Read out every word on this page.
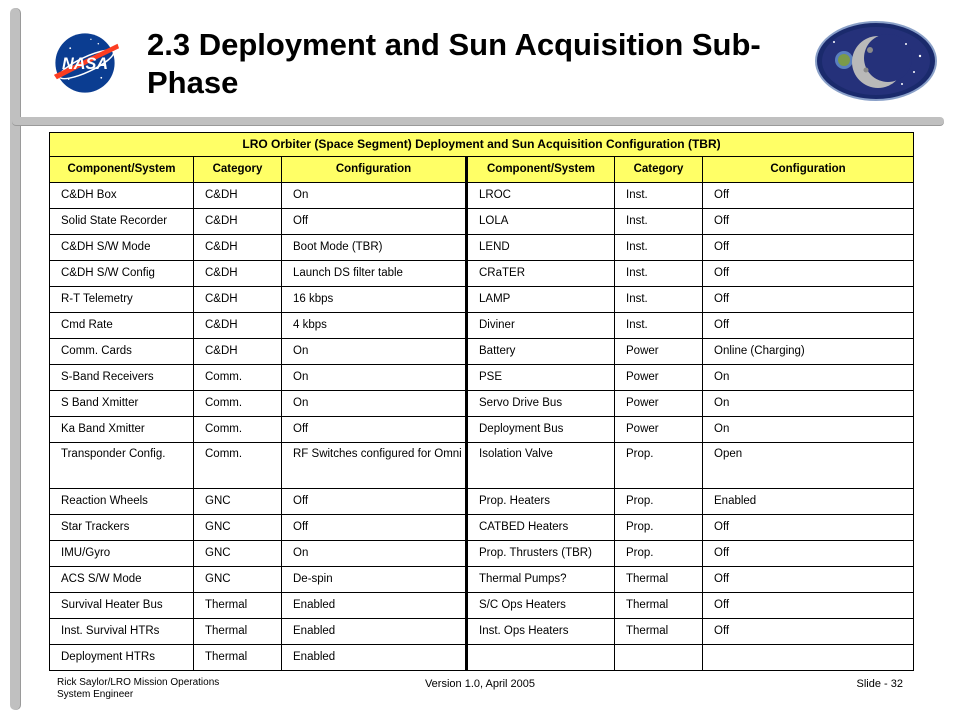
NASA
2.3 Deployment and Sun Acquisition Sub-Phase
LRO Orbiter (Space Segment) Deployment and Sun Acquisition Configuration (TBR)					
Component/System	Category	Configuration	Component/System	Category	Configuration
C&DH Box	C&DH	On	LROC	Inst.	Off
Solid State Recorder	C&DH	Off	LOLA	Inst.	Off
C&DH S/W Mode	C&DH	Boot Mode (TBR)	LEND	Inst.	Off
C&DH S/W Config	C&DH	Launch DS filter table	CRaTER	Inst.	Off
R-T Telemetry	C&DH	16 kbps	LAMP	Inst.	Off
Cmd Rate	C&DH	4 kbps	Diviner	Inst.	Off
Comm. Cards	C&DH	On	Battery	Power	Online (Charging)
S-Band Receivers	Comm.	On	PSE	Power	On
S Band Xmitter	Comm.	On	Servo Drive Bus	Power	On
Ka Band Xmitter	Comm.	Off	Deployment Bus	Power	On
Transponder Config.	Comm.	RF Switches configured for Omni	Isolation Valve	Prop.	Open
Reaction Wheels	GNC	Off	Prop. Heaters	Prop.	Enabled
Star Trackers	GNC	Off	CATBED Heaters	Prop.	Off
IMU/Gyro	GNC	On	Prop. Thrusters (TBR)	Prop.	Off
ACS S/W Mode	GNC	De-spin	Thermal Pumps?	Thermal	Off
Survival Heater Bus	Thermal	Enabled	S/C Ops Heaters	Thermal	Off
Inst. Survival HTRs	Thermal	Enabled	Inst. Ops Heaters	Thermal	Off
Deployment HTRs	Thermal	Enabled			
Rick Saylor/LRO Mission Operations
System Engineer
Version 1.0, April 2005	Slide - 32
